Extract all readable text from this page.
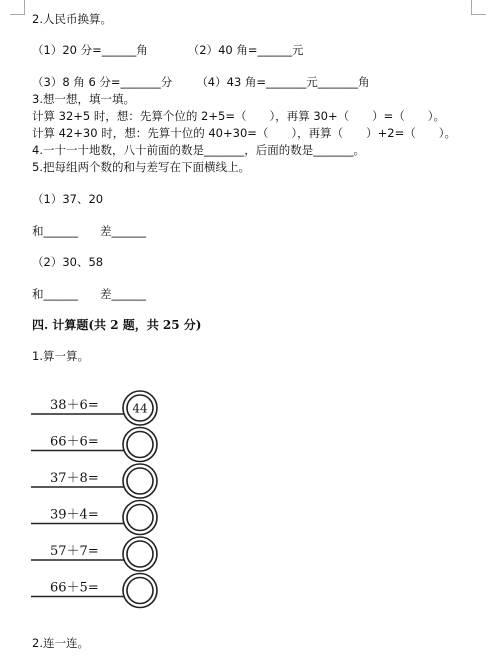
2.人民币换算。
（1）20 分=______角	（2）40 角=______元
（3）8 角 6 分=_______分 （4）43 角=_______元_______角
3.想一想，填一填。
计算 32+5 时，想：先算个位的 2+5=（　　），再算 30+（　　）=（　　）。
计算 42+30 时，想：先算十位的 40+30=（　　），再算（　　）+2=（　　）。
4.一十一十地数，八十前面的数是_______，后面的数是_______。
5.把每组两个数的和与差写在下面横线上。
（1）37、20
和______ 差______
（2）30、58
和______ 差______
四. 计算题(共 2 题，共 25 分)
1.算一算。
38＋6=	44
66＋6=
37＋8=
39＋4=
57＋7=
66＋5=
2.连一连。
